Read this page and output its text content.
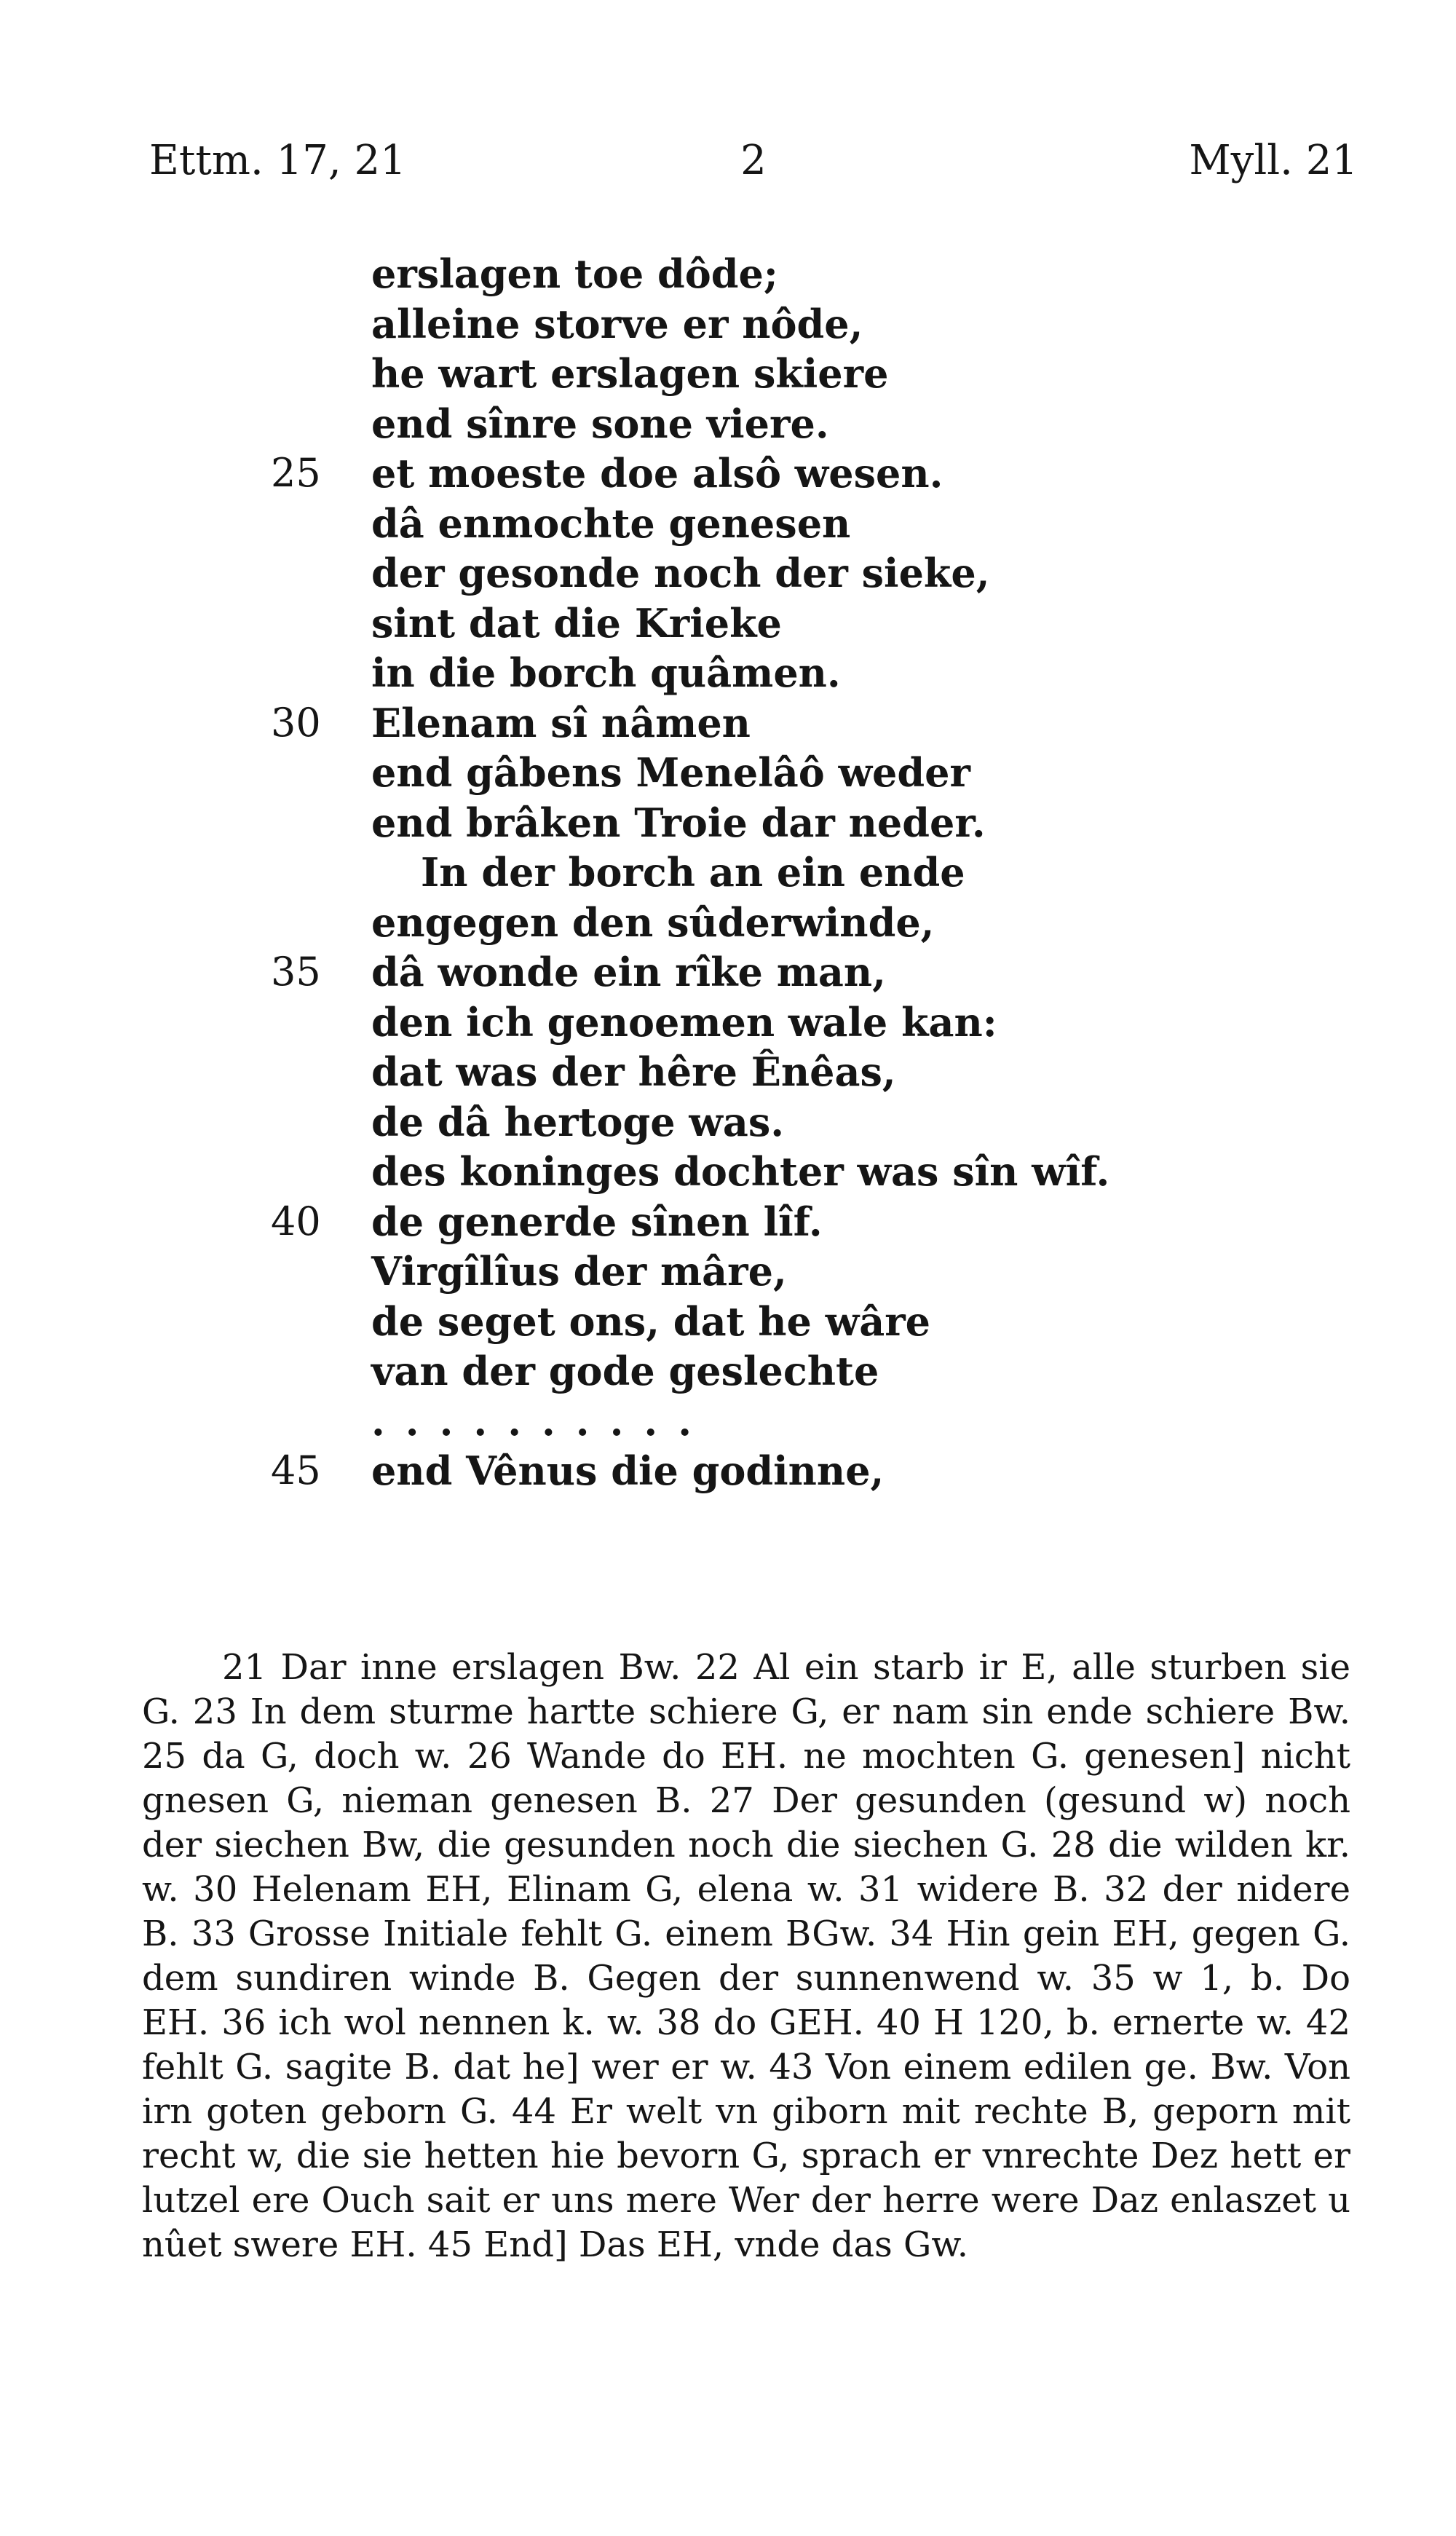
Ettm. 17, 21	2	Myll. 21
erslagen toe dôde;
alleine storve er nôde,
he wart erslagen skiere
end sînre sone viere.
25 et moeste doe alsô wesen.
dâ enmochte genesen
der gesonde noch der sieke,
sint dat die Krieke
in die borch quâmen.
30 Elenam sî nâmen
end gâbens Menelâô weder
end brâken Troie dar neder.
In der borch an ein ende
engegen den sûderwinde,
35 dâ wonde ein rîke man,
den ich genoemen wale kan:
dat was der hêre Ênêas,
de dâ hertoge was.
des koninges dochter was sîn wîf.
40 de generde sînen lîf.
Virgîlîus der mâre,
de seget ons, dat he wâre
van der gode geslechte
..........
45 end Vênus die godinne,

21 Dar inne erslagen Bw. 22 Al ein starb ir E, alle sturben sie G. 23 In dem sturme hartte schiere G, er nam sin ende schiere Bw. 25 da G, doch w. 26 Wande do EH. ne mochten G. genesen] nicht gnesen G, nieman genesen B. 27 Der gesunden (gesund w) noch der siechen Bw, die gesunden noch die siechen G. 28 die wilden kr. w. 30 Helenam EH, Elinam G, elena w. 31 widere B. 32 der nidere B. 33 Grosse Initiale fehlt G. einem BGw. 34 Hin gein EH, gegen G. dem sundiren winde B. Gegen der sunnenwend w. 35 w 1, b. Do EH. 36 ich wol nennen k. w. 38 do GEH. 40 H 120, b. ernerte w. 42 fehlt G. sagite B. dat he] wer er w. 43 Von einem edilen ge. Bw. Von irn goten geborn G. 44 Er welt vn giborn mit rechte B, geporn mit recht w, die sie hetten hie bevorn G, sprach er vnrechte Dez hett er lutzel ere Ouch sait er uns mere Wer der herre were Daz enlaszet u nûet swere EH. 45 End] Das EH, vnde das Gw.
